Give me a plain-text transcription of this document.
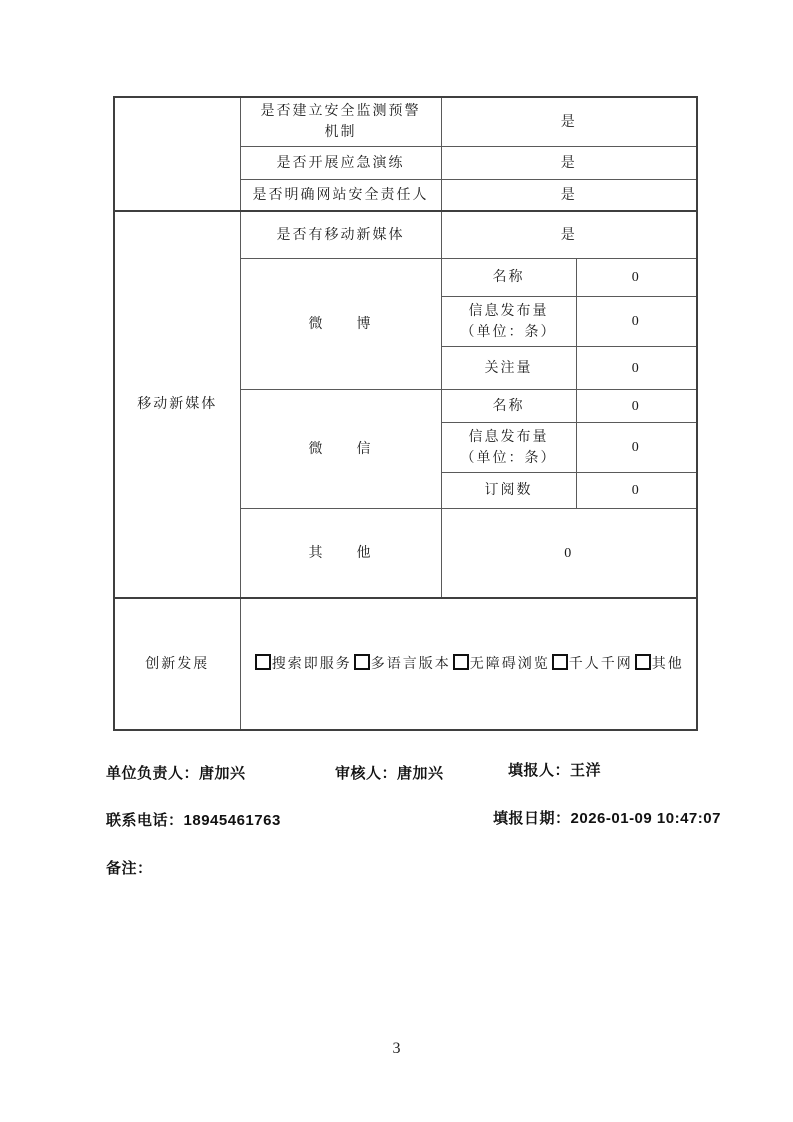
	是否建立安全监测预警
机制	是	
	是否开展应急演练	是	
	是否明确网站安全责任人	是	
移动新媒体	是否有移动新媒体	是	
	微　　博	名称	0

		信息发布量
（单位：条）	0
		关注量	0
	微　　信	名称	0

		信息发布量
（单位：条）	0
		订阅数	0
	其　　他	0	
创新发展	搜索即服务 多语言版本 无障碍浏览 千人千网 其他		
单位负责人：唐加兴	审核人：唐加兴	填报人：王洋
联系电话：18945461763	填报日期：2026-01-09 10:47:07
备注：
3
